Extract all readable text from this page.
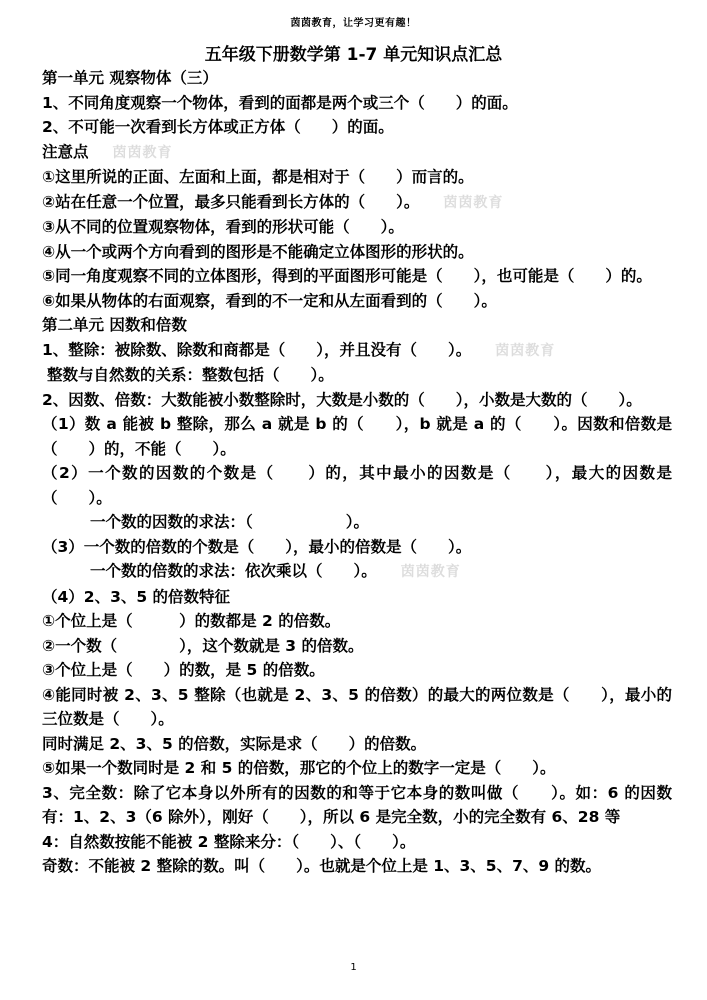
茵茵教育，让学习更有趣！
五年级下册数学第 1-7 单元知识点汇总
第一单元 观察物体（三）
1、不同角度观察一个物体，看到的面都是两个或三个（　　）的面。
2、不可能一次看到长方体或正方体（　　）的面。
注意点 茵茵教育
①这里所说的正面、左面和上面，都是相对于（　　）而言的。
②站在任意一个位置，最多只能看到长方体的（　　）。 茵茵教育
③从不同的位置观察物体，看到的形状可能（　　）。
④从一个或两个方向看到的图形是不能确定立体图形的形状的。
⑤同一角度观察不同的立体图形，得到的平面图形可能是（　　），也可能是（　　）的。
⑥如果从物体的右面观察，看到的不一定和从左面看到的（　　）。
第二单元 因数和倍数
1、整除：被除数、除数和商都是（　　），并且没有（　　）。 茵茵教育
整数与自然数的关系：整数包括（　　）。
2、因数、倍数：大数能被小数整除时，大数是小数的（　　），小数是大数的（　　）。
（1）数 a 能被 b 整除，那么 a 就是 b 的（　　），b 就是 a 的（　　）。因数和倍数是（　　）的，不能（　　）。
（2）一个数的因数的个数是（　　）的，其中最小的因数是（　　），最大的因数是（　　）。
一个数的因数的求法：（　　　　　　）。
（3）一个数的倍数的个数是（　　），最小的倍数是（　　）。
一个数的倍数的求法：依次乘以（　　）。 茵茵教育
（4）2、3、5 的倍数特征
①个位上是（　　　）的数都是 2 的倍数。
②一个数（　　　　），这个数就是 3 的倍数。
③个位上是（　　）的数，是 5 的倍数。
④能同时被 2、3、5 整除（也就是 2、3、5 的倍数）的最大的两位数是（　　），最小的三位数是（　　）。
同时满足 2、3、5 的倍数，实际是求（　　）的倍数。
⑤如果一个数同时是 2 和 5 的倍数，那它的个位上的数字一定是（　　）。
3、完全数：除了它本身以外所有的因数的和等于它本身的数叫做（　　）。如：6 的因数有：1、2、3（6 除外），刚好（　　），所以 6 是完全数，小的完全数有 6、28 等
4：自然数按能不能被 2 整除来分：（　　）、（　　）。
奇数：不能被 2 整除的数。叫（　　）。也就是个位上是 1、3、5、7、9 的数。
1
